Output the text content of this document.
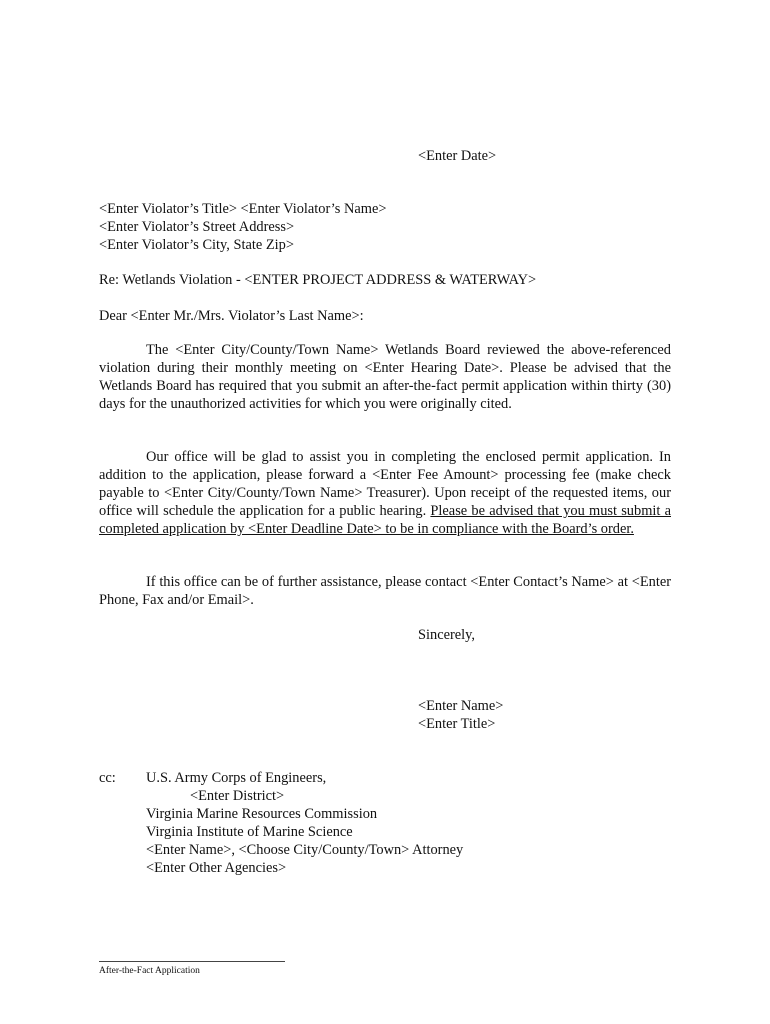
<Enter Date>
<Enter Violator’s Title> <Enter Violator’s Name>
<Enter Violator’s Street Address>
<Enter Violator’s City, State Zip>
Re: Wetlands Violation - <ENTER PROJECT ADDRESS & WATERWAY>
Dear <Enter Mr./Mrs. Violator’s Last Name>:
The <Enter City/County/Town Name> Wetlands Board reviewed the above-referenced violation during their monthly meeting on <Enter Hearing Date>. Please be advised that the Wetlands Board has required that you submit an after-the-fact permit application within thirty (30) days for the unauthorized activities for which you were originally cited.
Our office will be glad to assist you in completing the enclosed permit application. In addition to the application, please forward a <Enter Fee Amount> processing fee (make check payable to <Enter City/County/Town Name> Treasurer). Upon receipt of the requested items, our office will schedule the application for a public hearing. Please be advised that you must submit a completed application by <Enter Deadline Date> to be in compliance with the Board’s order.
If this office can be of further assistance, please contact <Enter Contact’s Name> at <Enter Phone, Fax and/or Email>.
Sincerely,
<Enter Name>
<Enter Title>
cc: U.S. Army Corps of Engineers,
<Enter District>
Virginia Marine Resources Commission
Virginia Institute of Marine Science
<Enter Name>, <Choose City/County/Town> Attorney
<Enter Other Agencies>
After-the-Fact Application
